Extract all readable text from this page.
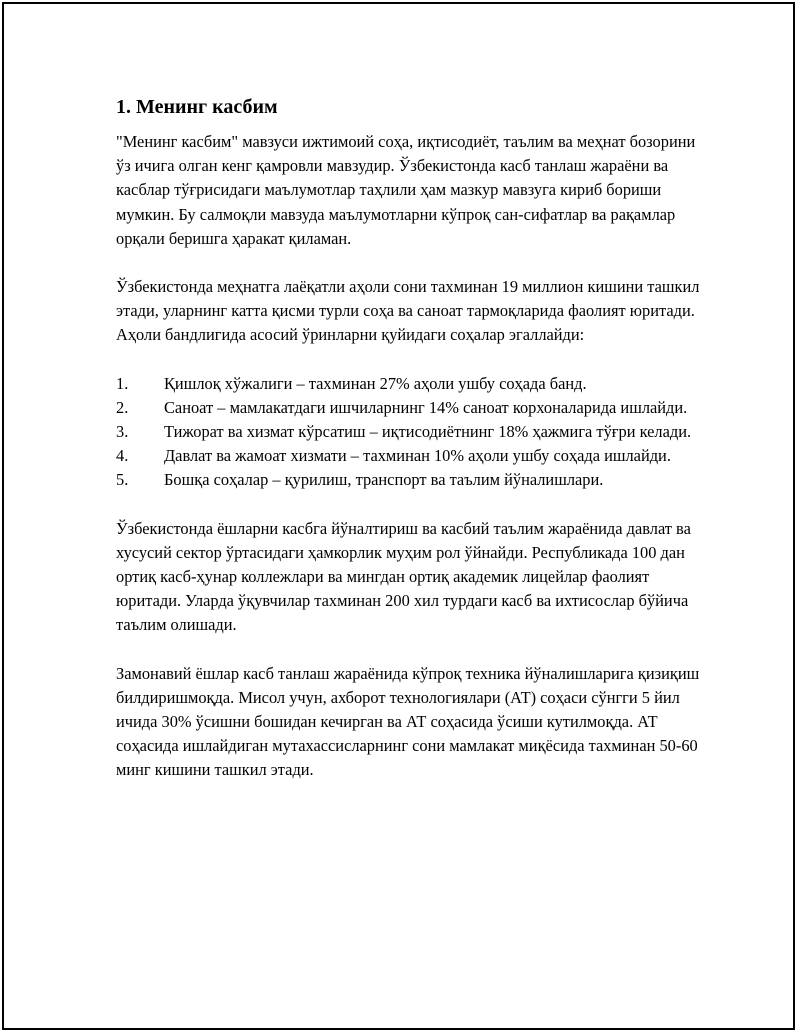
1. Менинг касбим

"Менинг касбим" мавзуси ижтимоий соҳа, иқтисодиёт, таълим ва меҳнат бозорини ўз ичига олган кенг қамровли мавзудир. Ўзбекистонда касб танлаш жараёни ва касблар тўғрисидаги маълумотлар таҳлили ҳам мазкур мавзуга кириб бориши мумкин. Бу салмоқли мавзуда маълумотларни кўпроқ сан-сифатлар ва рақамлар орқали беришга ҳаракат қиламан.

Ўзбекистонда меҳнатга лаёқатли аҳоли сони тахминан 19 миллион кишини ташкил этади, уларнинг катта қисми турли соҳа ва саноат тармоқларида фаолият юритади. Аҳоли бандлигида асосий ўринларни қуйидаги соҳалар эгаллайди:

1. Қишлоқ хўжалиги – тахминан 27% аҳоли ушбу соҳада банд.
2. Саноат – мамлакатдаги ишчиларнинг 14% саноат корхоналарида ишлайди.
3. Тижорат ва хизмат кўрсатиш – иқтисодиётнинг 18% ҳажмига тўғри келади.
4. Давлат ва жамоат хизмати – тахминан 10% аҳоли ушбу соҳада ишлайди.
5. Бошқа соҳалар – қурилиш, транспорт ва таълим йўналишлари.

Ўзбекистонда ёшларни касбга йўналтириш ва касбий таълим жараёнида давлат ва хусусий сектор ўртасидаги ҳамкорлик муҳим рол ўйнайди. Республикада 100 дан ортиқ касб-ҳунар коллежлари ва мингдан ортиқ академик лицейлар фаолият юритади. Уларда ўқувчилар тахминан 200 хил турдаги касб ва ихтисослар бўйича таълим олишади.

Замонавий ёшлар касб танлаш жараёнида кўпроқ техника йўналишларига қизиқиш билдиришмоқда. Мисол учун, ахборот технологиялари (АТ) соҳаси сўнгги 5 йил ичида 30% ўсишни бошидан кечирган ва АТ соҳасида ўсиши кутилмоқда. АТ соҳасида ишлайдиган мутахассисларнинг сони мамлакат миқёсида тахминан 50-60 минг кишини ташкил этади.
